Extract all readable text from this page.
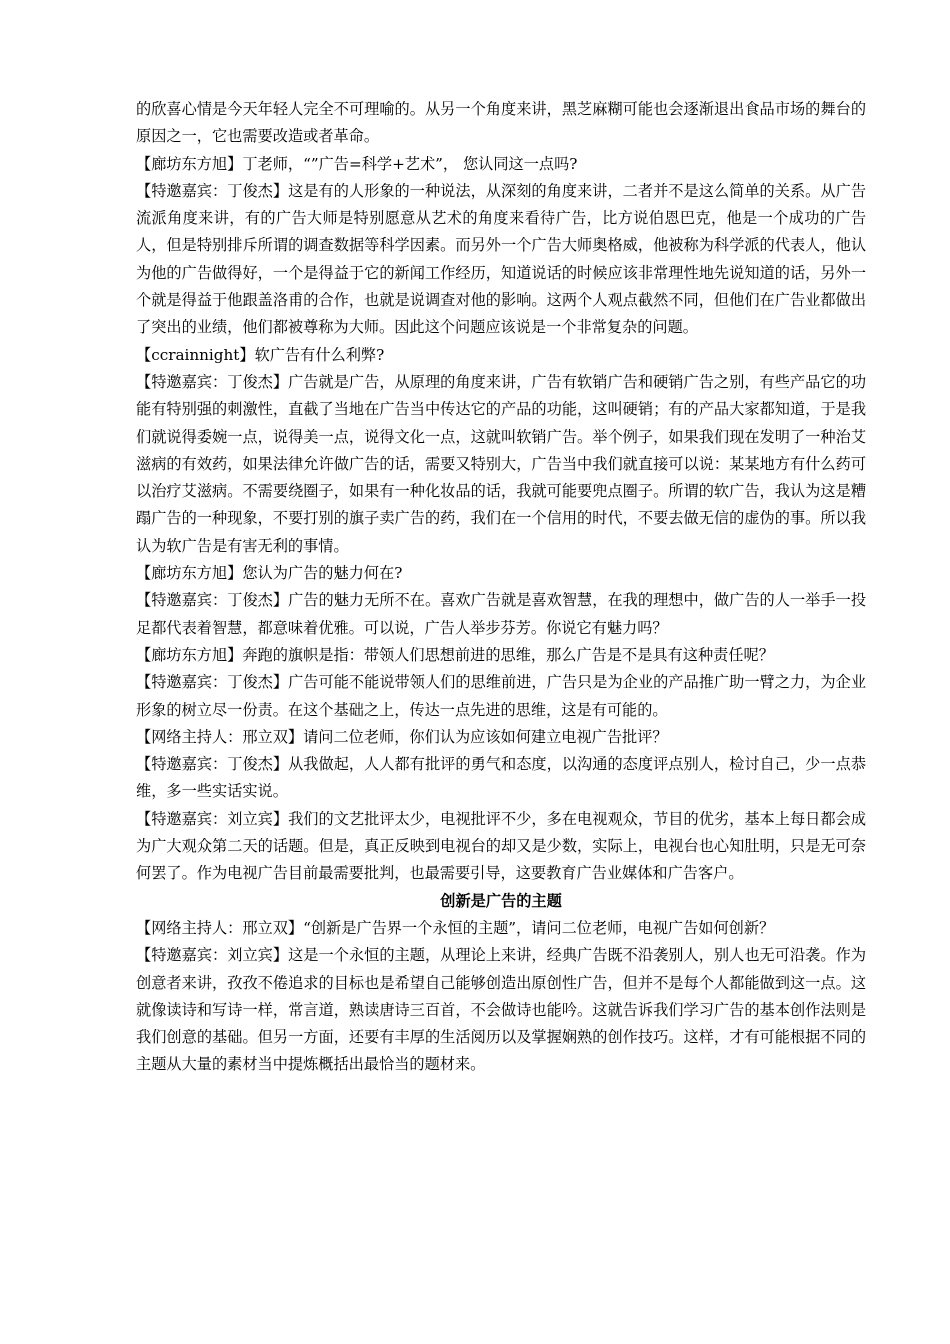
的欣喜心情是今天年轻人完全不可理喻的。从另一个角度来讲，黑芝麻糊可能也会逐渐退出食品市场的舞台的原因之一，它也需要改造或者革命。

【廊坊东方旭】丁老师，“”广告=科学+艺术”， 您认同这一点吗?

【特邀嘉宾：丁俊杰】这是有的人形象的一种说法，从深刻的角度来讲，二者并不是这么简单的关系。从广告流派角度来讲，有的广告大师是特别愿意从艺术的角度来看待广告，比方说伯恩巴克，他是一个成功的广告人，但是特别排斥所谓的调查数据等科学因素。而另外一个广告大师奥格威，他被称为科学派的代表人，他认为他的广告做得好，一个是得益于它的新闻工作经历，知道说话的时候应该非常理性地先说知道的话，另外一个就是得益于他跟盖洛甫的合作，也就是说调查对他的影响。这两个人观点截然不同，但他们在广告业都做出了突出的业绩，他们都被尊称为大师。因此这个问题应该说是一个非常复杂的问题。

【ccrainnight】软广告有什么利弊?

【特邀嘉宾：丁俊杰】广告就是广告，从原理的角度来讲，广告有软销广告和硬销广告之别，有些产品它的功能有特别强的刺激性，直截了当地在广告当中传达它的产品的功能，这叫硬销；有的产品大家都知道，于是我们就说得委婉一点，说得美一点，说得文化一点，这就叫软销广告。举个例子，如果我们现在发明了一种治艾滋病的有效药，如果法律允许做广告的话，需要又特别大，广告当中我们就直接可以说：某某地方有什么药可以治疗艾滋病。不需要绕圈子，如果有一种化妆品的话，我就可能要兜点圈子。所谓的软广告，我认为这是糟蹋广告的一种现象，不要打别的旗子卖广告的药，我们在一个信用的时代，不要去做无信的虚伪的事。所以我认为软广告是有害无利的事情。

【廊坊东方旭】您认为广告的魅力何在?

【特邀嘉宾：丁俊杰】广告的魅力无所不在。喜欢广告就是喜欢智慧，在我的理想中，做广告的人一举手一投足都代表着智慧，都意味着优雅。可以说，广告人举步芬芳。你说它有魅力吗？

【廊坊东方旭】奔跑的旗帜是指：带领人们思想前进的思维，那么广告是不是具有这种责任呢？

【特邀嘉宾：丁俊杰】广告可能不能说带领人们的思维前进，广告只是为企业的产品推广助一臂之力，为企业形象的树立尽一份责。在这个基础之上，传达一点先进的思维，这是有可能的。

【网络主持人：邢立双】请问二位老师，你们认为应该如何建立电视广告批评？

【特邀嘉宾：丁俊杰】从我做起，人人都有批评的勇气和态度，以沟通的态度评点别人，检讨自己，少一点恭维，多一些实话实说。

【特邀嘉宾：刘立宾】我们的文艺批评太少，电视批评不少，多在电视观众，节目的优劣，基本上每日都会成为广大观众第二天的话题。但是，真正反映到电视台的却又是少数，实际上，电视台也心知肚明，只是无可奈何罢了。作为电视广告目前最需要批判，也最需要引导，这要教育广告业媒体和广告客户。

创新是广告的主题

【网络主持人：邢立双】“创新是广告界一个永恒的主题”，请问二位老师，电视广告如何创新？

【特邀嘉宾：刘立宾】这是一个永恒的主题，从理论上来讲，经典广告既不沿袭别人，别人也无可沿袭。作为创意者来讲，孜孜不倦追求的目标也是希望自己能够创造出原创性广告，但并不是每个人都能做到这一点。这就像读诗和写诗一样，常言道，熟读唐诗三百首，不会做诗也能吟。这就告诉我们学习广告的基本创作法则是我们创意的基础。但另一方面，还要有丰厚的生活阅历以及掌握娴熟的创作技巧。这样，才有可能根据不同的主题从大量的素材当中提炼概括出最恰当的题材来。
